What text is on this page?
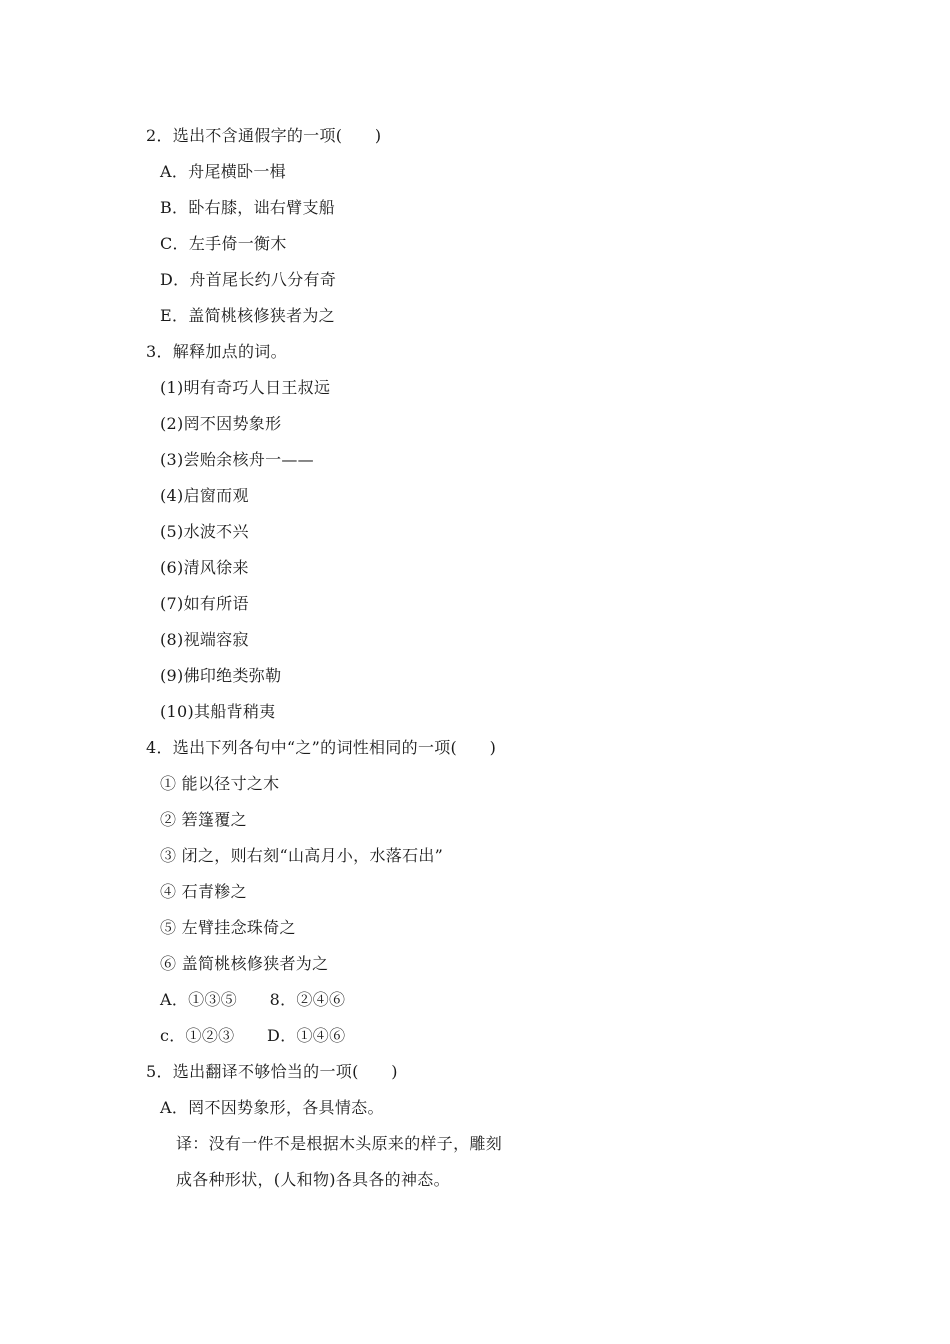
2．选出不含通假字的一项(　　)
A．舟尾横卧一楫
B．卧右膝，诎右臂支船
C．左手倚一衡木
D．舟首尾长约八分有奇
E．盖简桃核修狭者为之
3．解释加点的词。
(1)明有奇巧人日王叔远
(2)罔不因势象形
(3)尝贻余核舟一——
(4)启窗而观
(5)水波不兴
(6)清风徐来
(7)如有所语
(8)视端容寂
(9)佛印绝类弥勒
(10)其船背稍夷
4．选出下列各句中“之”的词性相同的一项(　　)
① 能以径寸之木
② 箬篷覆之
③ 闭之，则右刻“山高月小，水落石出”
④ 石青糁之
⑤ 左臂挂念珠倚之
⑥ 盖简桃核修狭者为之
A．①③⑤　　8．②④⑥
c．①②③　　D．①④⑥
5．选出翻译不够恰当的一项(　　)
A．罔不因势象形，各具情态。
译：没有一件不是根据木头原来的样子，雕刻
成各种形状，(人和物)各具各的神态。
